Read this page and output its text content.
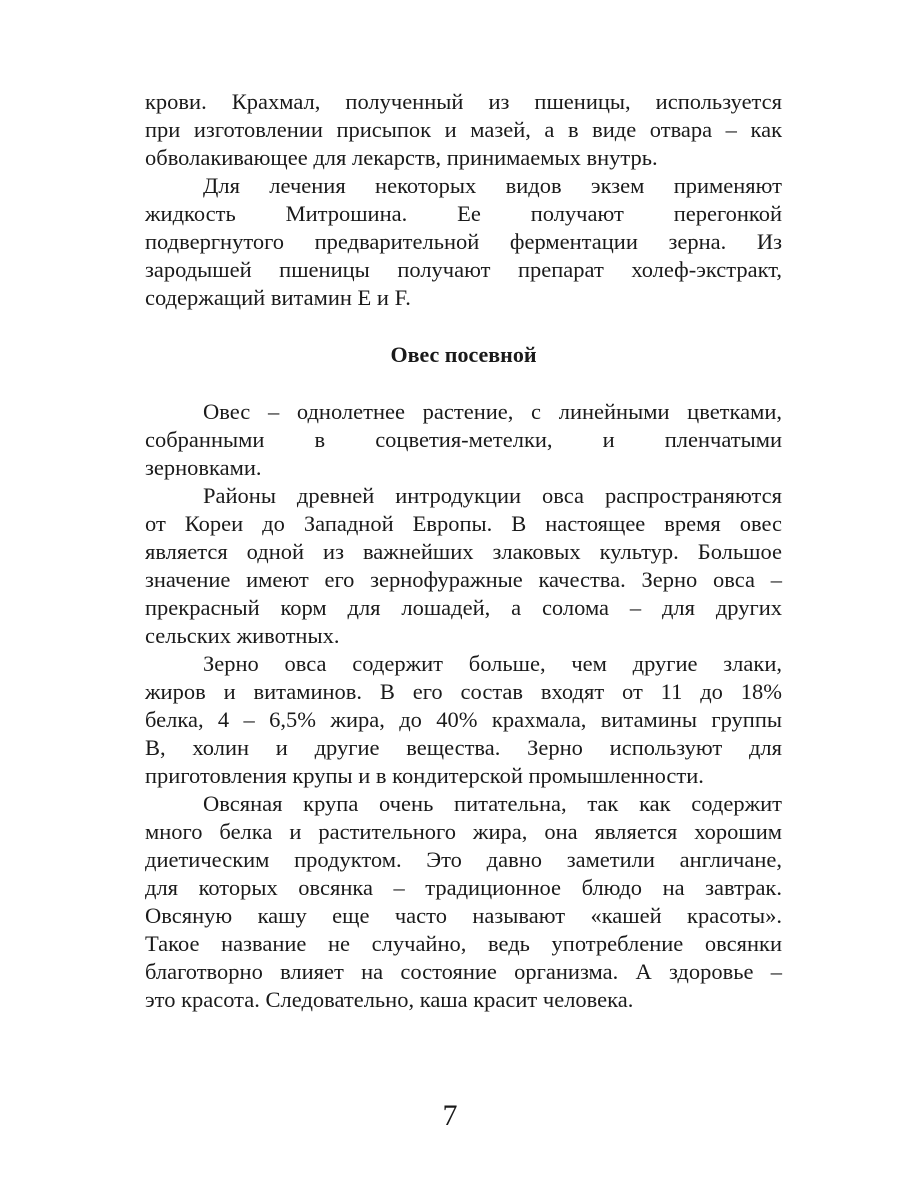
крови. Крахмал, полученный из пшеницы, используется
при изготовлении присыпок и мазей, а в виде отвара – как
обволакивающее для лекарств, принимаемых внутрь.
Для лечения некоторых видов экзем применяют
жидкость Митрошина. Ее получают перегонкой
подвергнутого предварительной ферментации зерна. Из
зародышей пшеницы получают препарат холеф-экстракт,
содержащий витамин Е и F.
Овес посевной
Овес – однолетнее растение, с линейными цветками,
собранными в соцветия-метелки, и пленчатыми
зерновками.
Районы древней интродукции овса распространяются
от Кореи до Западной Европы. В настоящее время овес
является одной из важнейших злаковых культур. Большое
значение имеют его зернофуражные качества. Зерно овса –
прекрасный корм для лошадей, а солома – для других
сельских животных.
Зерно овса содержит больше, чем другие злаки,
жиров и витаминов. В его состав входят от 11 до 18%
белка, 4 – 6,5% жира, до 40% крахмала, витамины группы
В, холин и другие вещества. Зерно используют для
приготовления крупы и в кондитерской промышленности.
Овсяная крупа очень питательна, так как содержит
много белка и растительного жира, она является хорошим
диетическим продуктом. Это давно заметили англичане,
для которых овсянка – традиционное блюдо на завтрак.
Овсяную кашу еще часто называют «кашей красоты».
Такое название не случайно, ведь употребление овсянки
благотворно влияет на состояние организма. А здоровье –
это красота. Следовательно, каша красит человека.
7
